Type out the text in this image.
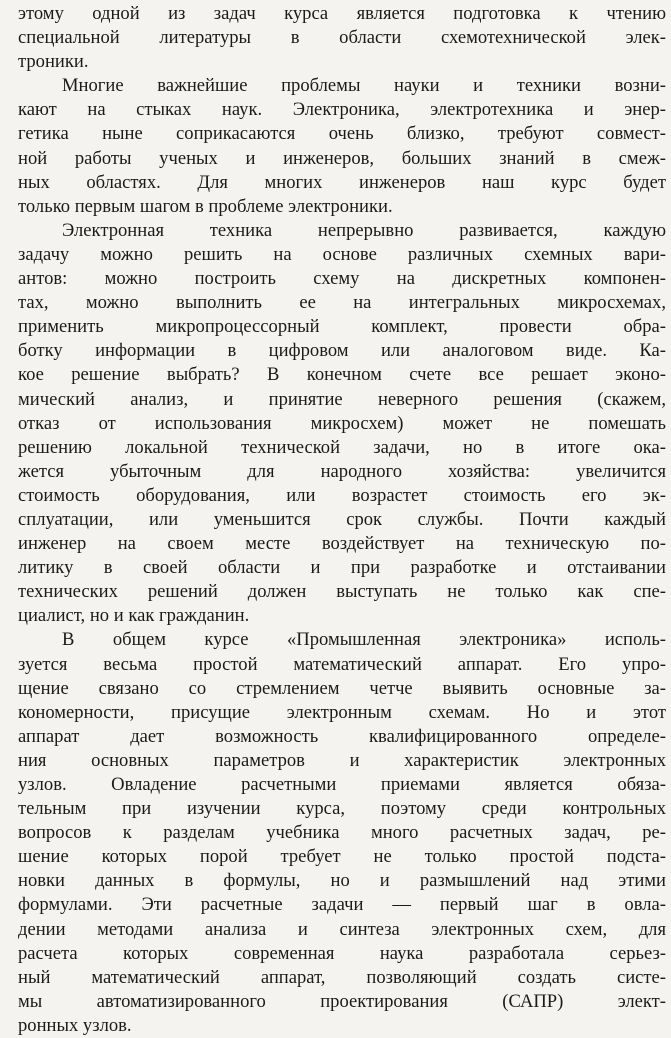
этому одной из задач курса является подготовка к чтению
специальной литературы в области схемотехнической элек-
троники.
Многие важнейшие проблемы науки и техники возни-
кают на стыках наук. Электроника, электротехника и энер-
гетика ныне соприкасаются очень близко, требуют совмест-
ной работы ученых и инженеров, больших знаний в смеж-
ных областях. Для многих инженеров наш курс будет
только первым шагом в проблеме электроники.
Электронная техника непрерывно развивается, каждую
задачу можно решить на основе различных схемных вари-
антов: можно построить схему на дискретных компонен-
тах, можно выполнить ее на интегральных микросхемах,
применить микропроцессорный комплект, провести обра-
ботку информации в цифровом или аналоговом виде. Ка-
кое решение выбрать? В конечном счете все решает эконо-
мический анализ, и принятие неверного решения (скажем,
отказ от использования микросхем) может не помешать
решению локальной технической задачи, но в итоге ока-
жется убыточным для народного хозяйства: увеличится
стоимость оборудования, или возрастет стоимость его эк-
сплуатации, или уменьшится срок службы. Почти каждый
инженер на своем месте воздействует на техническую по-
литику в своей области и при разработке и отстаивании
технических решений должен выступать не только как спе-
циалист, но и как гражданин.
В общем курсе «Промышленная электроника» исполь-
зуется весьма простой математический аппарат. Его упро-
щение связано со стремлением четче выявить основные за-
кономерности, присущие электронным схемам. Но и этот
аппарат дает возможность квалифицированного определе-
ния основных параметров и характеристик электронных
узлов. Овладение расчетными приемами является обяза-
тельным при изучении курса, поэтому среди контрольных
вопросов к разделам учебника много расчетных задач, ре-
шение которых порой требует не только простой подста-
новки данных в формулы, но и размышлений над этими
формулами. Эти расчетные задачи — первый шаг в овла-
дении методами анализа и синтеза электронных схем, для
расчета которых современная наука разработала серьез-
ный математический аппарат, позволяющий создать систе-
мы автоматизированного проектирования (САПР) элект-
ронных узлов.
